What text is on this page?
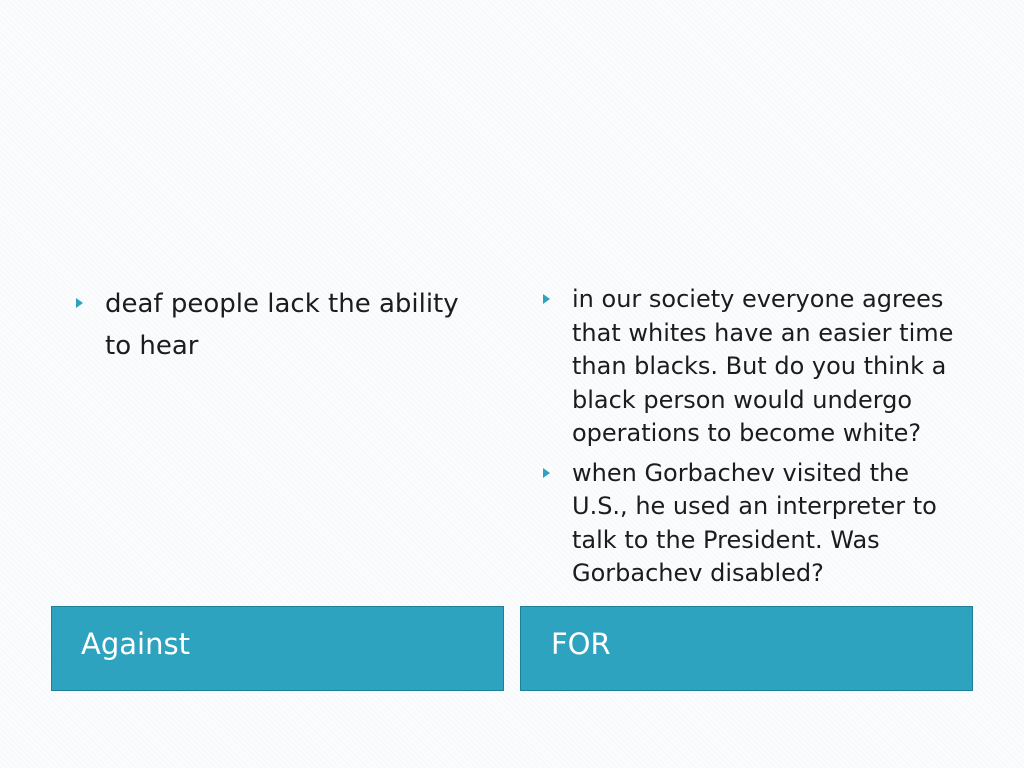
Against	FOR
deaf people lack the ability to hear
in our society everyone agrees that whites have an easier time than blacks. But do you think a black person would undergo operations to become white?
when Gorbachev visited the U.S., he used an interpreter to talk to the President. Was Gorbachev disabled?
